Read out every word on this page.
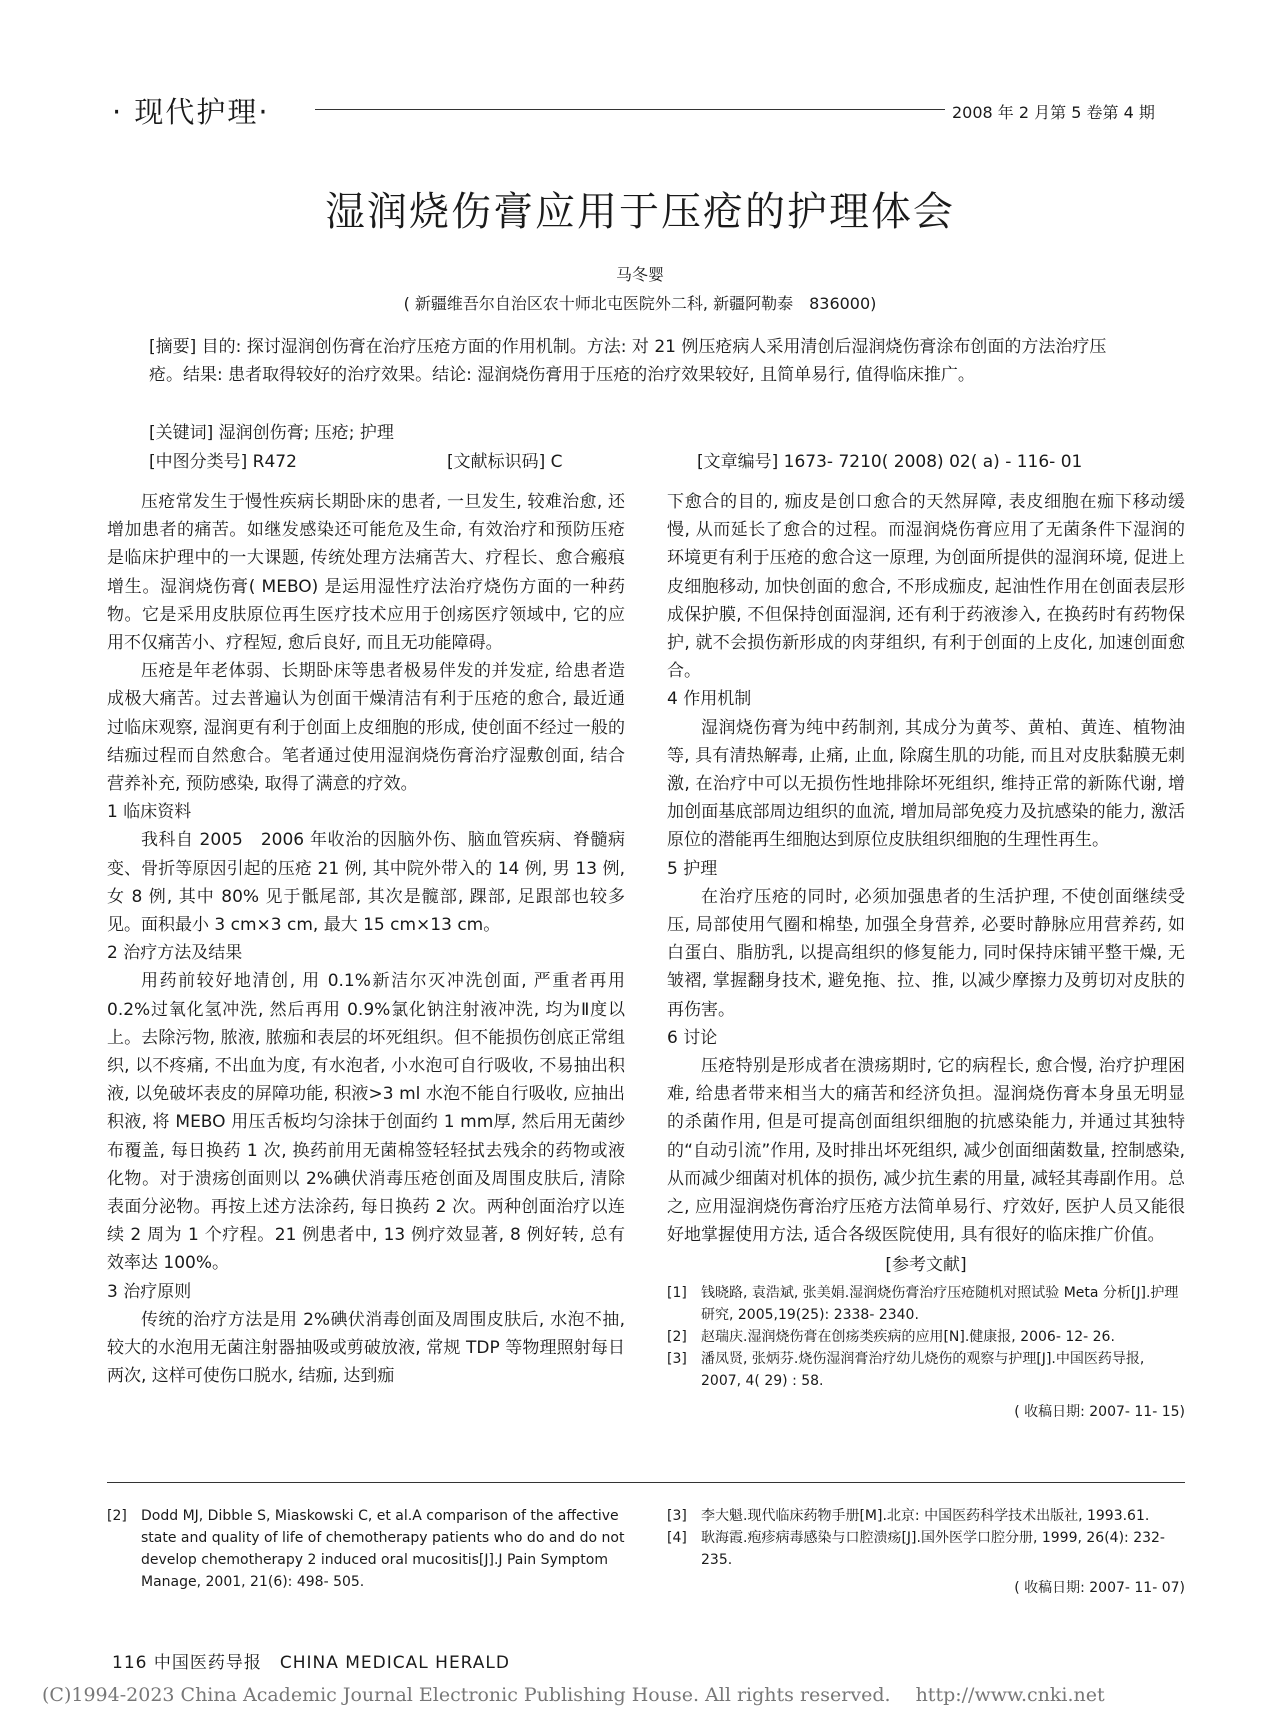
· 现代护理·	2008 年 2 月第 5 卷第 4 期
湿润烧伤膏应用于压疮的护理体会
马冬婴
( 新疆维吾尔自治区农十师北屯医院外二科, 新疆阿勒泰　836000)
[摘要] 目的: 探讨湿润创伤膏在治疗压疮方面的作用机制。方法: 对 21 例压疮病人采用清创后湿润烧伤膏涂布创面的方法治疗压疮。结果: 患者取得较好的治疗效果。结论: 湿润烧伤膏用于压疮的治疗效果较好, 且简单易行, 值得临床推广。
[关键词] 湿润创伤膏; 压疮; 护理
[中图分类号] R472	[文献标识码] C	[文章编号] 1673- 7210( 2008) 02( a) - 116- 01

压疮常发生于慢性疾病长期卧床的患者, 一旦发生, 较难治愈, 还增加患者的痛苦。如继发感染还可能危及生命, 有效治疗和预防压疮是临床护理中的一大课题, 传统处理方法痛苦大、疗程长、愈合瘢痕增生。湿润烧伤膏( MEBO) 是运用湿性疗法治疗烧伤方面的一种药物。它是采用皮肤原位再生医疗技术应用于创疡医疗领域中, 它的应用不仅痛苦小、疗程短, 愈后良好, 而且无功能障碍。

压疮是年老体弱、长期卧床等患者极易伴发的并发症, 给患者造成极大痛苦。过去普遍认为创面干燥清洁有利于压疮的愈合, 最近通过临床观察, 湿润更有利于创面上皮细胞的形成, 使创面不经过一般的结痂过程而自然愈合。笔者通过使用湿润烧伤膏治疗湿敷创面, 结合营养补充, 预防感染, 取得了满意的疗效。

1 临床资料

我科自 2005　2006 年收治的因脑外伤、脑血管疾病、脊髓病变、骨折等原因引起的压疮 21 例, 其中院外带入的 14 例, 男 13 例, 女 8 例, 其中 80% 见于骶尾部, 其次是髋部, 踝部, 足跟部也较多见。面积最小 3 cm×3 cm, 最大 15 cm×13 cm。

2 治疗方法及结果

用药前较好地清创, 用 0.1%新洁尔灭冲洗创面, 严重者再用 0.2%过氧化氢冲洗, 然后再用 0.9%氯化钠注射液冲洗, 均为Ⅱ度以上。去除污物, 脓液, 脓痂和表层的坏死组织。但不能损伤创底正常组织, 以不疼痛, 不出血为度, 有水泡者, 小水泡可自行吸收, 不易抽出积液, 以免破坏表皮的屏障功能, 积液>3 ml 水泡不能自行吸收, 应抽出积液, 将 MEBO 用压舌板均匀涂抹于创面约 1 mm厚, 然后用无菌纱布覆盖, 每日换药 1 次, 换药前用无菌棉签轻轻拭去残余的药物或液化物。对于溃疡创面则以 2%碘伏消毒压疮创面及周围皮肤后, 清除表面分泌物。再按上述方法涂药, 每日换药 2 次。两种创面治疗以连续 2 周为 1 个疗程。21 例患者中, 13 例疗效显著, 8 例好转, 总有效率达 100%。

3 治疗原则

传统的治疗方法是用 2%碘伏消毒创面及周围皮肤后, 水泡不抽, 较大的水泡用无菌注射器抽吸或剪破放液, 常规 TDP 等物理照射每日两次, 这样可使伤口脱水, 结痂, 达到痂

下愈合的目的, 痂皮是创口愈合的天然屏障, 表皮细胞在痂下移动缓慢, 从而延长了愈合的过程。而湿润烧伤膏应用了无菌条件下湿润的环境更有利于压疮的愈合这一原理, 为创面所提供的湿润环境, 促进上皮细胞移动, 加快创面的愈合, 不形成痂皮, 起油性作用在创面表层形成保护膜, 不但保持创面湿润, 还有利于药液渗入, 在换药时有药物保护, 就不会损伤新形成的肉芽组织, 有利于创面的上皮化, 加速创面愈合。

4 作用机制

湿润烧伤膏为纯中药制剂, 其成分为黄芩、黄柏、黄连、植物油等, 具有清热解毒, 止痛, 止血, 除腐生肌的功能, 而且对皮肤黏膜无刺激, 在治疗中可以无损伤性地排除坏死组织, 维持正常的新陈代谢, 增加创面基底部周边组织的血流, 增加局部免疫力及抗感染的能力, 激活原位的潜能再生细胞达到原位皮肤组织细胞的生理性再生。

5 护理

在治疗压疮的同时, 必须加强患者的生活护理, 不使创面继续受压, 局部使用气圈和棉垫, 加强全身营养, 必要时静脉应用营养药, 如白蛋白、脂肪乳, 以提高组织的修复能力, 同时保持床铺平整干燥, 无皱褶, 掌握翻身技术, 避免拖、拉、推, 以减少摩擦力及剪切对皮肤的再伤害。

6 讨论

压疮特别是形成者在溃疡期时, 它的病程长, 愈合慢, 治疗护理困难, 给患者带来相当大的痛苦和经济负担。湿润烧伤膏本身虽无明显的杀菌作用, 但是可提高创面组织细胞的抗感染能力, 并通过其独特的“自动引流”作用, 及时排出坏死组织, 减少创面细菌数量, 控制感染, 从而减少细菌对机体的损伤, 减少抗生素的用量, 减轻其毒副作用。总之, 应用湿润烧伤膏治疗压疮方法简单易行、疗效好, 医护人员又能很好地掌握使用方法, 适合各级医院使用, 具有很好的临床推广价值。

[参考文献]
[1]	钱晓路, 袁浩斌, 张美娟.湿润烧伤膏治疗压疮随机对照试验 Meta 分析[J].护理研究, 2005,19(25): 2338- 2340.
[2]	赵瑞庆.湿润烧伤膏在创疡类疾病的应用[N].健康报, 2006- 12- 26.
[3]	潘凤贤, 张炳芬.烧伤湿润膏治疗幼儿烧伤的观察与护理[J].中国医药导报, 2007, 4( 29) : 58.
( 收稿日期: 2007- 11- 15)
[2]	Dodd MJ, Dibble S, Miaskowski C, et al.A comparison of the affective state and quality of life of chemotherapy patients who do and do not develop chemotherapy 2 induced oral mucositis[J].J Pain Symptom Manage, 2001, 21(6): 498- 505.
[3]	李大魁.现代临床药物手册[M].北京: 中国医药科学技术出版社, 1993.61.
[4]	耿海霞.疱疹病毒感染与口腔溃疡[J].国外医学口腔分册, 1999, 26(4): 232- 235.
( 收稿日期: 2007- 11- 07)
116 中国医药导报　CHINA MEDICAL HERALD
(C)1994-2023 China Academic Journal Electronic Publishing House. All rights reserved.　 http://www.cnki.net
